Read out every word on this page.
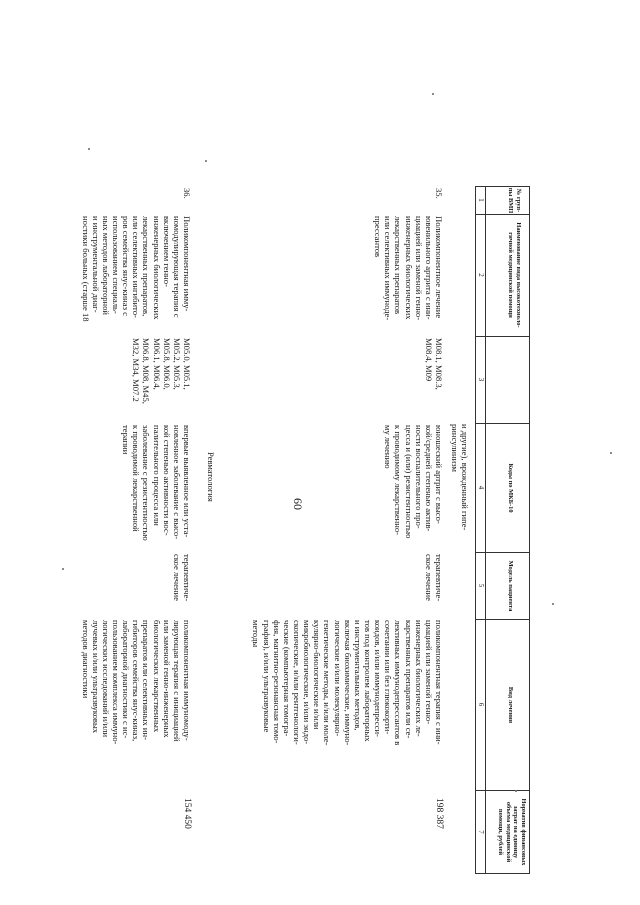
60
№ груп-
пы ВМП
Наименование вида высокотехноло-
гичной медицинской помощи
Коды по МКБ-10
Модель пациента
Вид лечения
Норматив финансовых
затрат на единицу
объема медицинской
помощи, рублей
1
2
3
4
5
6
7
и другие), врожденный гипе-
ринсулинизм
35.
Поликомпонентное лечение
ювенильного артрита с ини-
циацией или заменой генно-
инженерных биологических
лекарственных препаратов
или селективных иммуноде-
прессантов
M08.1, M08.3,
M08.4, M09
юношеский артрит с высо-
кой/средней степенью актив-
ности воспалительного про-
цесса и (или) резистентностью
к проводимому лекарственно-
му лечению
терапевтиче-
ское лечение
поликомпонентная терапия с ини-
циацией или заменой генно-
инженерных биологических ле-
карственных препаратов или се-
лективных иммунодепрессантов в
сочетании или без глюкокорти-
коидов, и/или иммунодепресси-
тов под контролем лабораторных
и инструментальных методов,
включая биохимические, иммуно-
логические и/или молекулярно-
генетические методы, и/или моле-
кулярно-биологические и/или
микробиологические, и/или эндо-
скопические, и/или рентгенологи-
ческие (компьютерная томогра-
фия, магнитно-резонансная томо-
графия), и/или ультразвуковые
методы
198 387
Ревматология
36.
Поликомпонентная имму-
номодулирующая терапия с
включением генно-
инженерных биологических
лекарственных препаратов,
или селективных ингибито-
ров семейства янус-киназ с
использованием специаль-
ных методов лабораторной
и инструментальной диаг-
ностики больных (старше 18
M05.0, M05.1,
M05.2, M05.3,
M05.8, M06.0,
M06.1, M06.4,
M06.8, M08, M45,
M32, M34, M07.2
впервые выявленное или уста-
новленное заболевание с высо-
кой степенью активности вос-
палительного процесса или
заболевание с резистентностью
к проводимой лекарственной
терапии
терапевтиче-
ское лечение
поликомпонентная иммуномоду-
лирующая терапия с инициацией
или заменой генно-инженерных
биологических лекарственных
препаратов или селективных ин-
гибиторов семейства янус-киназ,
лабораторной диагностики с ис-
пользованием комплекса иммуно-
логических исследований и/или
лучевых и/или ультразвуковых
методов диагностики
154 450
